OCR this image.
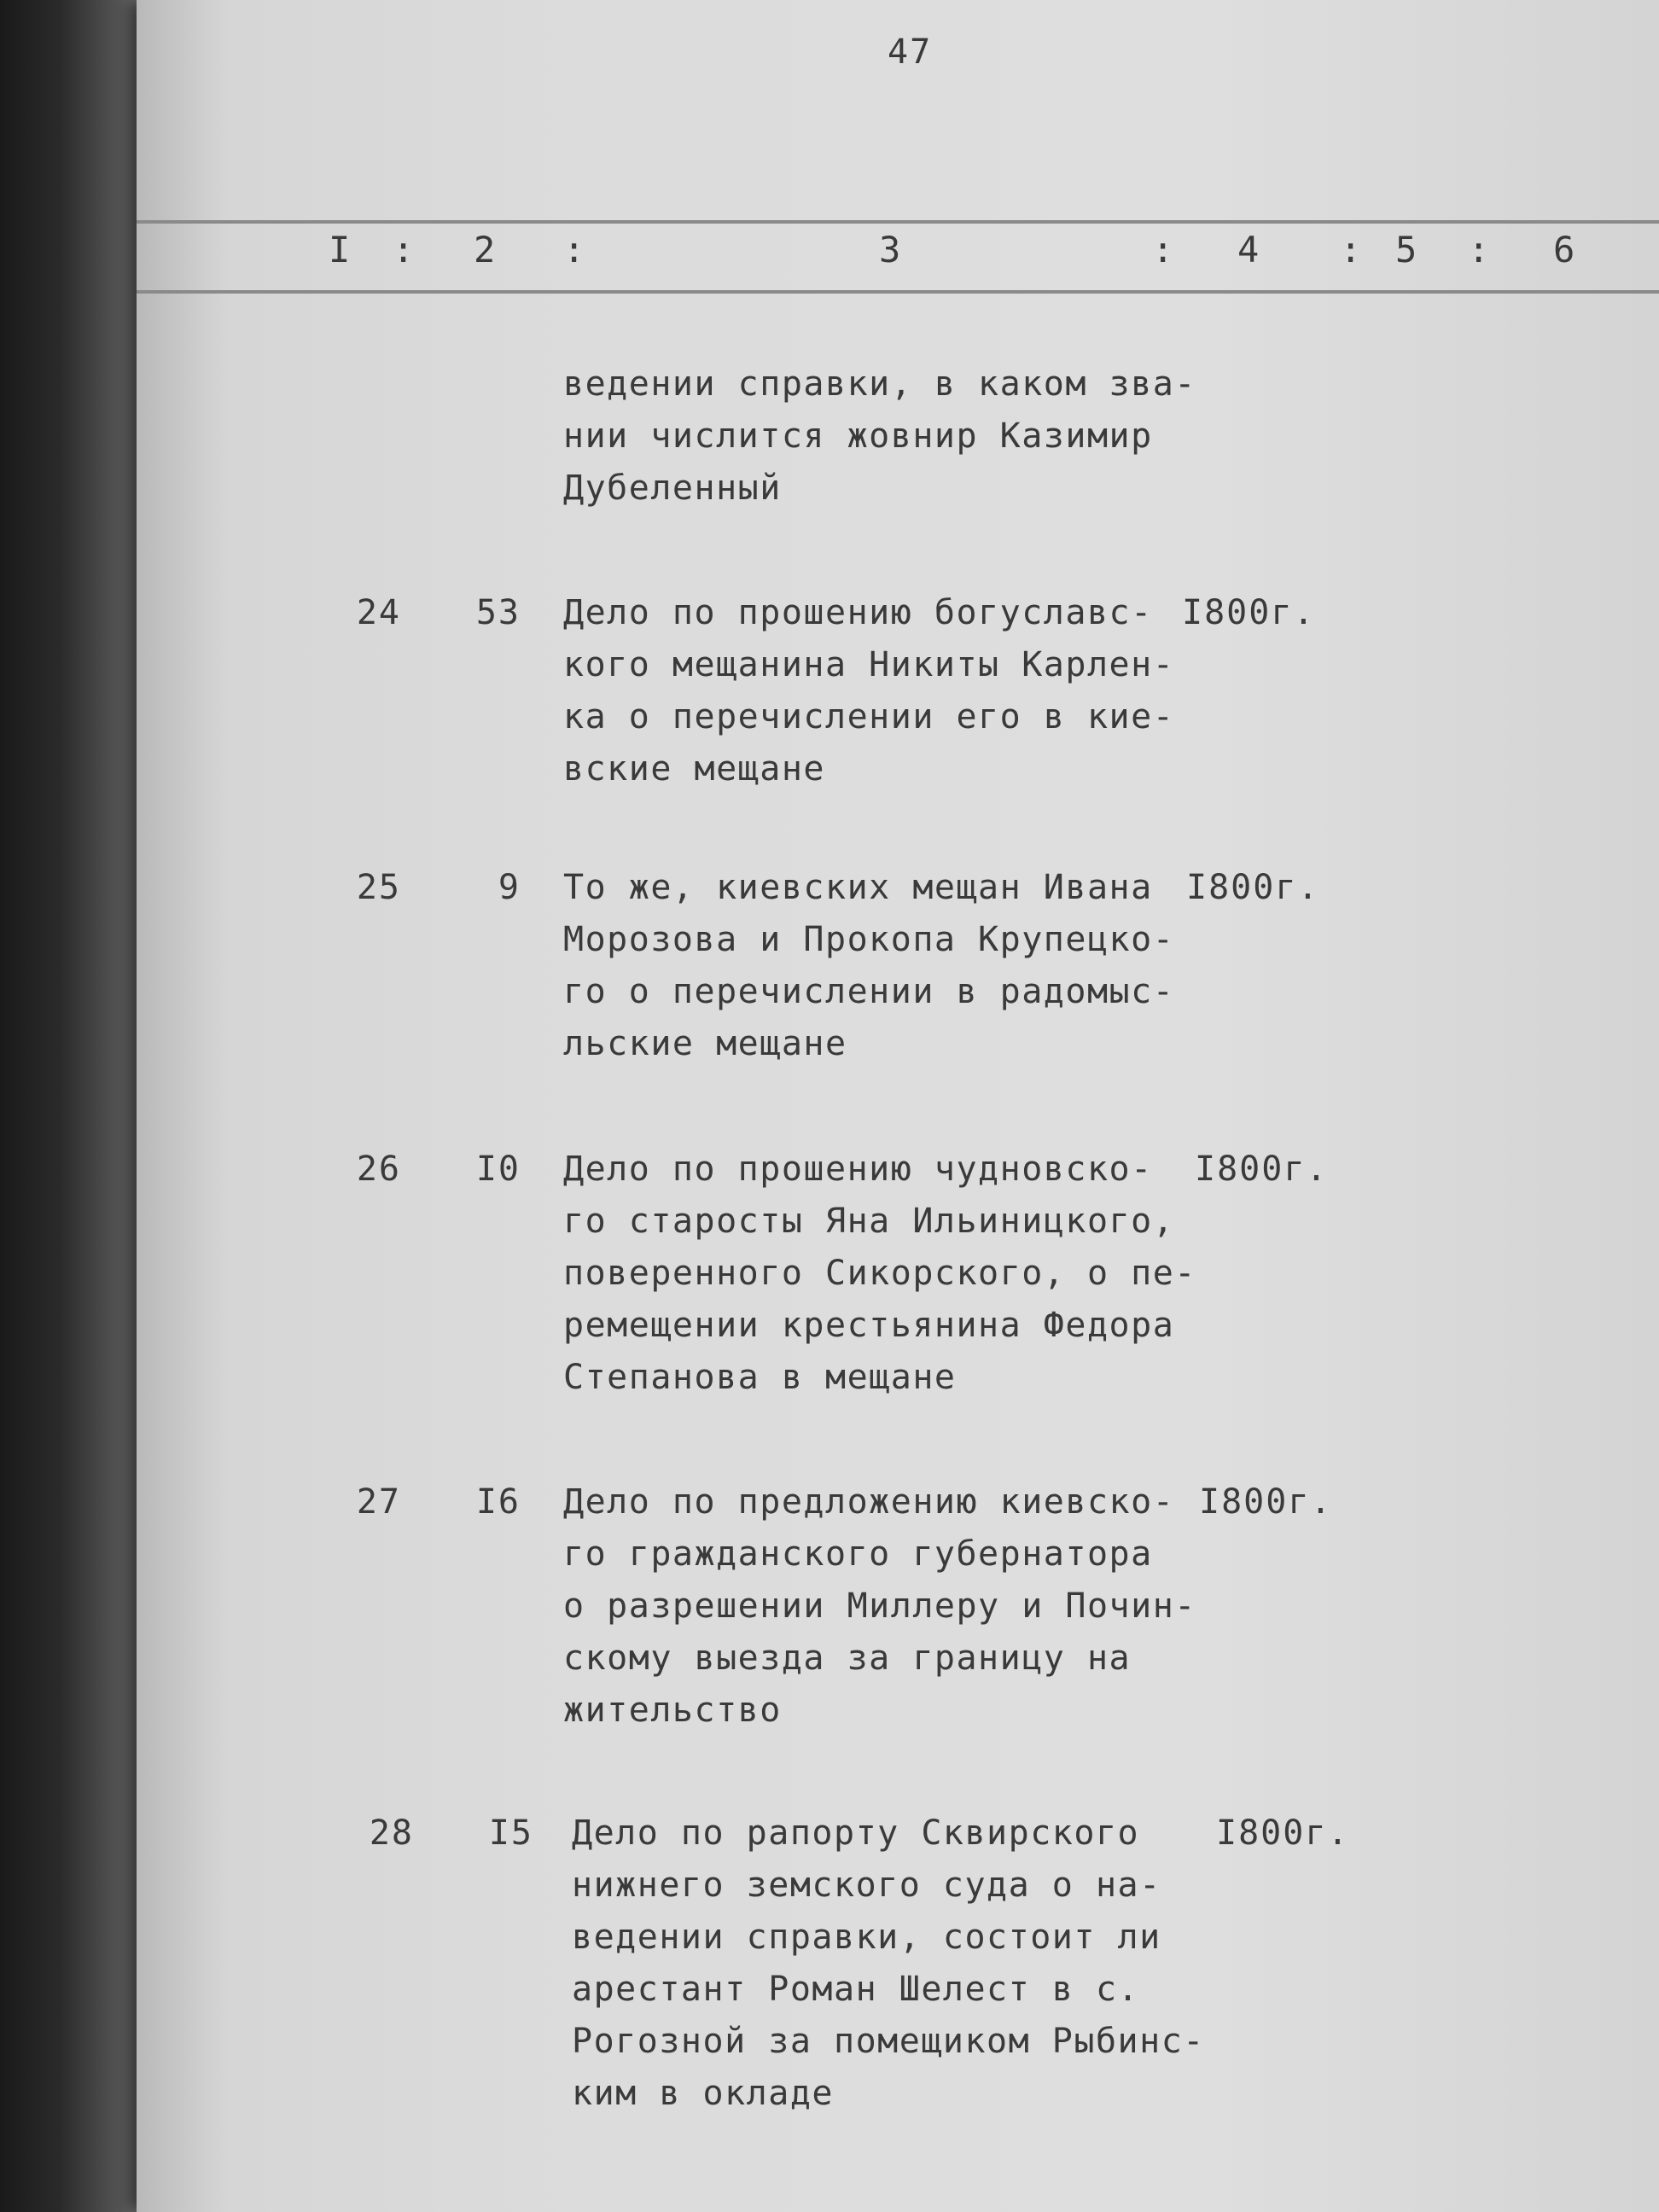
47
I : 2 :	3	: 4 : 5 : 6
ведении справки, в каком зва-
нии числится жовнир Казимир
Дубеленный
24	53 Дело по прошению богуславс-
кого мещанина Никиты Карлен-
ка о перечислении его в кие-
вские мещане
I800г.
25	9 То же, киевских мещан Ивана
Морозова и Прокопа Крупецко-
го о перечислении в радомыс-
льские мещане
I800г.
26	I0 Дело по прошению чудновско-
го старосты Яна Ильиницкого,
поверенного Сикорского, о пе-
ремещении крестьянина Федора
Степанова в мещане
I800г.
27	I6 Дело по предложению киевско-
го гражданского губернатора
о разрешении Миллеру и Почин-
скому выезда за границу на
жительство
I800г.
28	I5 Дело по рапорту Сквирского
нижнего земского суда о на-
ведении справки, состоит ли
арестант Роман Шелест в с.
Рогозной за помещиком Рыбинс-
ким в окладе
I800г.
